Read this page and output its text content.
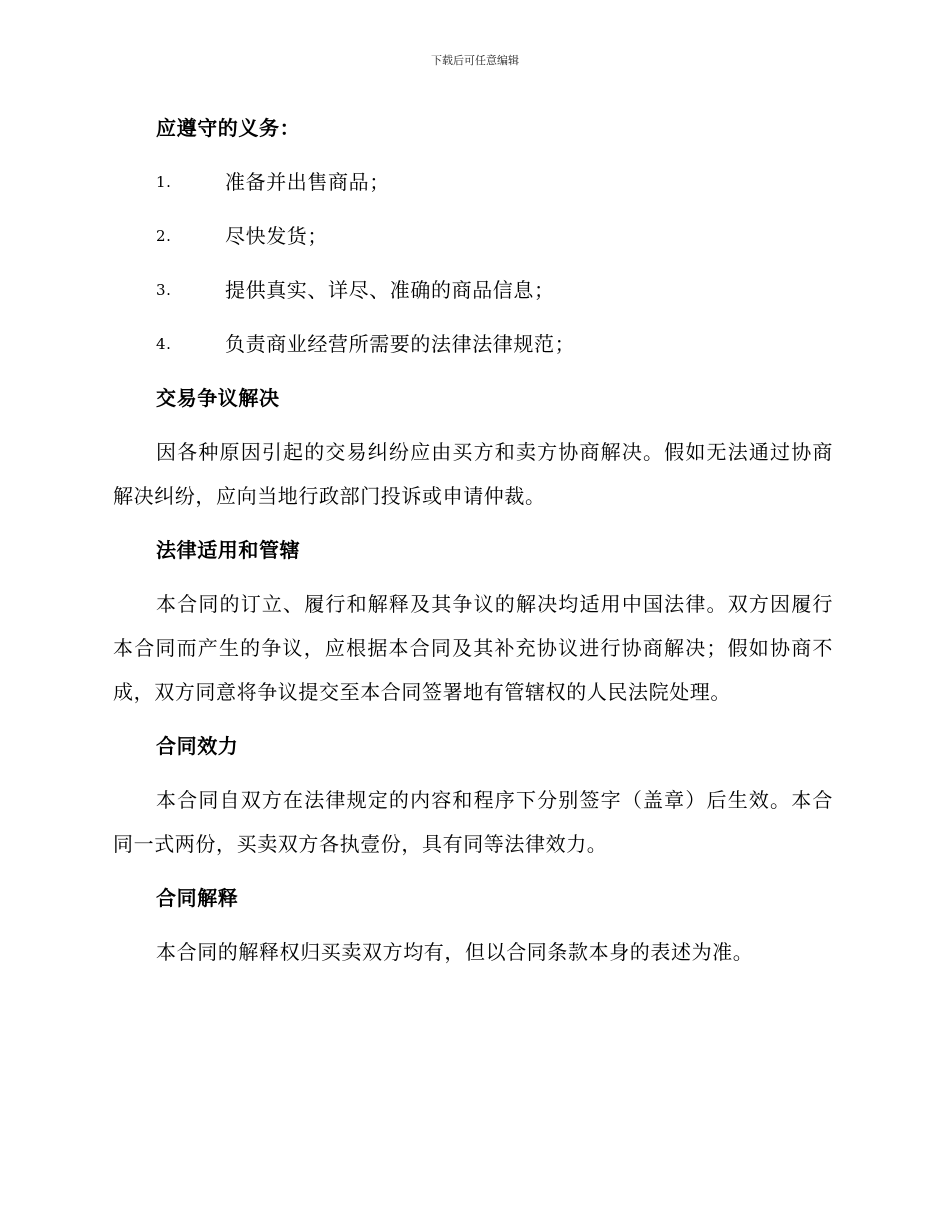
下载后可任意编辑
应遵守的义务：
1.	准备并出售商品；
2.	尽快发货；
3.	提供真实、详尽、准确的商品信息；
4.	负责商业经营所需要的法律法律规范；
交易争议解决
因各种原因引起的交易纠纷应由买方和卖方协商解决。假如无法通过协商解决纠纷，应向当地行政部门投诉或申请仲裁。
法律适用和管辖
本合同的订立、履行和解释及其争议的解决均适用中国法律。双方因履行本合同而产生的争议，应根据本合同及其补充协议进行协商解决；假如协商不成，双方同意将争议提交至本合同签署地有管辖权的人民法院处理。
合同效力
本合同自双方在法律规定的内容和程序下分别签字（盖章）后生效。本合同一式两份，买卖双方各执壹份，具有同等法律效力。
合同解释
本合同的解释权归买卖双方均有，但以合同条款本身的表述为准。
